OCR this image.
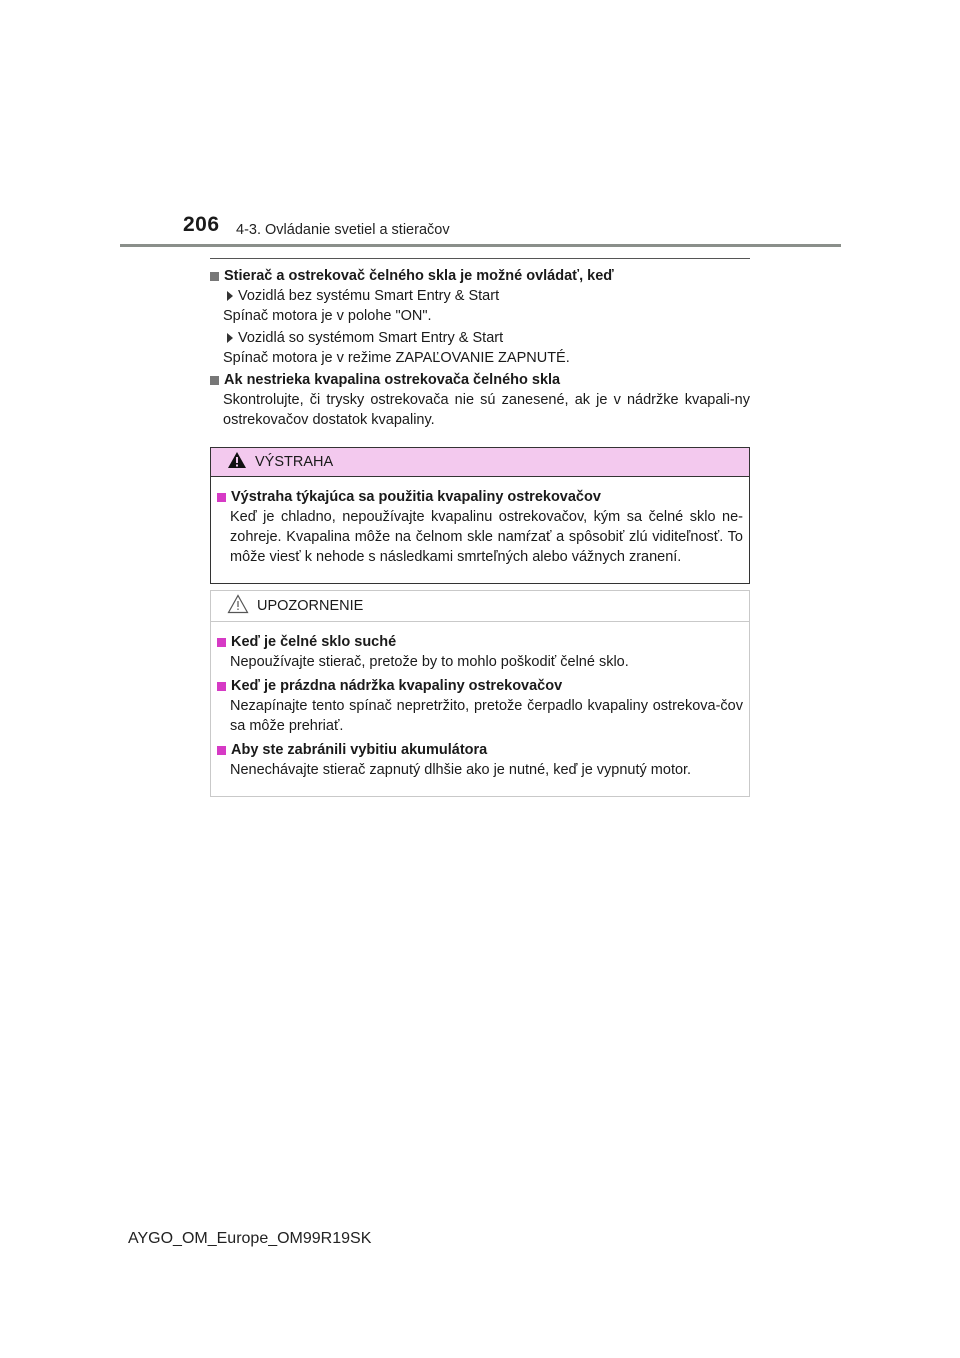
206 4-3. Ovládanie svetiel a stieračov
Stierač a ostrekovač čelného skla je možné ovládať, keď
Vozidlá bez systému Smart Entry & Start
Spínač motora je v polohe "ON".
Vozidlá so systémom Smart Entry & Start
Spínač motora je v režime ZAPAĽOVANIE ZAPNUTÉ.
Ak nestrieka kvapalina ostrekovača čelného skla
Skontrolujte, či trysky ostrekovača nie sú zanesené, ak je v nádržke kvapali-ny ostrekovačov dostatok kvapaliny.
VÝSTRAHA
Výstraha týkajúca sa použitia kvapaliny ostrekovačov
Keď je chladno, nepoužívajte kvapalinu ostrekovačov, kým sa čelné sklo ne-zohreje. Kvapalina môže na čelnom skle namŕzať a spôsobiť zlú viditeľnosť. To môže viesť k nehode s následkami smrteľných alebo vážnych zranení.
UPOZORNENIE
Keď je čelné sklo suché
Nepoužívajte stierač, pretože by to mohlo poškodiť čelné sklo.
Keď je prázdna nádržka kvapaliny ostrekovačov
Nezapínajte tento spínač nepretržito, pretože čerpadlo kvapaliny ostrekova-čov sa môže prehriať.
Aby ste zabránili vybitiu akumulátora
Nenechávajte stierač zapnutý dlhšie ako je nutné, keď je vypnutý motor.
AYGO_OM_Europe_OM99R19SK
